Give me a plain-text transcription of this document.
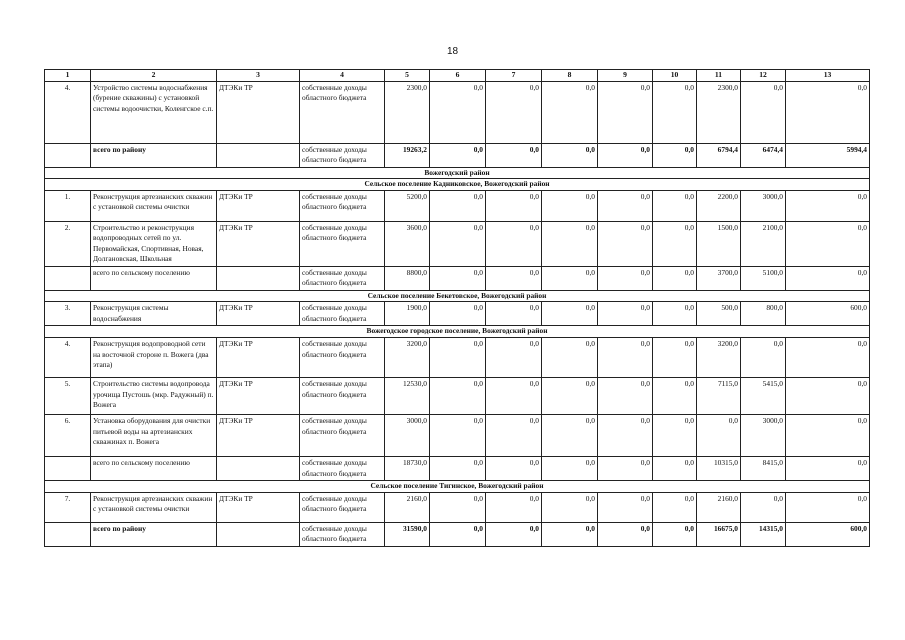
18
1	2	3	4	5	6	7	8	9	10	11	12	13
4.	Устройство системы водоснабжения (бурение скважины) с установкой системы водоочистки, Коленгское с.п.	ДТЭКи ТР	собственные доходы областного бюджета	2300,0	0,0	0,0	0,0	0,0	0,0	2300,0	0,0	0,0
	всего по району		собственные доходы областного бюджета	19263,2	0,0	0,0	0,0	0,0	0,0	6794,4	6474,4	5994,4
Вожегодский район												
Сельское поселение Кадниковское, Вожегодский район												
1.	Реконструкция артезианских скважин с установкой системы очистки	ДТЭКи ТР	собственные доходы областного бюджета	5200,0	0,0	0,0	0,0	0,0	0,0	2200,0	3000,0	0,0
2.	Строительство и реконструкция водопроводных сетей по ул. Первомайская, Спортивная, Новая, Долгановская, Школьная	ДТЭКи ТР	собственные доходы областного бюджета	3600,0	0,0	0,0	0,0	0,0	0,0	1500,0	2100,0	0,0
	всего по сельскому поселению		собственные доходы областного бюджета	8800,0	0,0	0,0	0,0	0,0	0,0	3700,0	5100,0	0,0
Сельское поселение Бекетовское, Вожегодский район												
3.	Реконструкция системы водоснабжения	ДТЭКи ТР	собственные доходы областного бюджета	1900,0	0,0	0,0	0,0	0,0	0,0	500,0	800,0	600,0
Вожегодское городское поселение, Вожегодский район												
4.	Реконструкция водопроводной сети на восточной стороне п. Вожега (два этапа)	ДТЭКи ТР	собственные доходы областного бюджета	3200,0	0,0	0,0	0,0	0,0	0,0	3200,0	0,0	0,0
5.	Строительство системы водопровода урочища Пустошь (мкр. Радужный) п. Вожега	ДТЭКи ТР	собственные доходы областного бюджета	12530,0	0,0	0,0	0,0	0,0	0,0	7115,0	5415,0	0,0
6.	Установка оборудования для очистки питьевой воды на артезианских скважинах п. Вожега	ДТЭКи ТР	собственные доходы областного бюджета	3000,0	0,0	0,0	0,0	0,0	0,0	0,0	3000,0	0,0
	всего по сельскому поселению		собственные доходы областного бюджета	18730,0	0,0	0,0	0,0	0,0	0,0	10315,0	8415,0	0,0
Сельское поселение Тигинское, Вожегодский район												
7.	Реконструкция артезианских скважин с установкой системы очистки	ДТЭКи ТР	собственные доходы областного бюджета	2160,0	0,0	0,0	0,0	0,0	0,0	2160,0	0,0	0,0
	всего по району		собственные доходы областного бюджета	31590,0	0,0	0,0	0,0	0,0	0,0	16675,0	14315,0	600,0
